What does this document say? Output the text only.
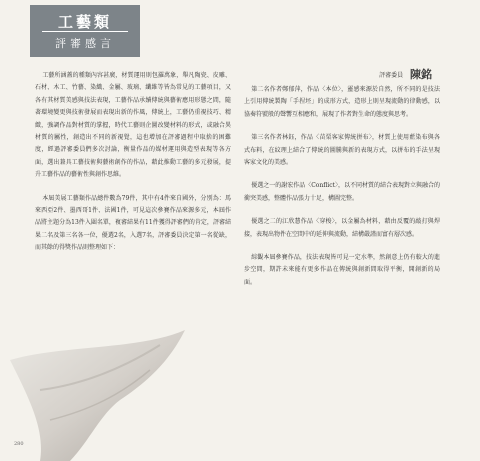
工藝類
評審感言
評審委員 陳銘

工藝所涵蓋的種類內容甚廣，材質運用則包羅萬象，舉凡陶瓷、皮雕、石材、木工、竹藝、染織、金屬、玻璃、纖維等皆為常見的工藝項目，又各有其材質美感與技法表現，工藝作品承續傳統與藝術應用形態之間，隨著環境變更與技術發展而表現出新的作風，傳統上，工藝仍重視技巧、精緻，強調作品對材質的掌握，時代工藝則企圖改變材料的形式，或融合異材質的屬性，創造出不同的新視覺，這也增加在評審過程中取捨的困難度，經過評審委員們多次討論，衡量作品的媒材運用與造型表現等各方面，選出兼具工藝技術與藝術創作的作品，藉此推動工藝的多元發展，提升工藝作品的藝術性與創作思維。

本屆美展工藝類作品總件數為79件，其中有4件來自國外，分別為：馬來西亞2件、墨西哥1件、法國1件，可見這次參賽作品來源多元，本屆作品將主題分為13件入圍名單，複審結果有11件獲得評審們的肯定，評審結果二名及第三名各一位，優選2名，入選7名，評審委員決定第一名從缺，而其餘的得獎作品則整理如下：

第二名作者鄭郁萍，作品〈本位〉，靈感來源於自然，所不同的是技法上引用傳統製陶「手捏坯」的成形方式，造形上則呈現流動的律動感，以協奏符號般的聲響互相應和，展現了作者對生命的態度與思考。

第三名作者林鈺，作品〈苗栗客家傳統拼布〉，材質上使用藍染布與各式布料，在紋理上結合了傳統的圖騰與新的表現方式，以拼布的手法呈現客家文化的美感。

優選之一的謝宏作品〈Conflict〉，以不同材質的結合表現對立與融合的衝突美感，整體作品張力十足，構圖完整。

優選之二的江欣慧作品〈穿梭〉，以金屬為材料，藉由反覆的敲打與焊接，表現出物件在空間中的延伸與流動，結構嚴謹而富有層次感。

綜觀本屆參賽作品，技法表現皆可見一定水準，然創意上仍有較大的進步空間，期許未來能有更多作品在傳統與創新間取得平衡，開創新的局面。

280
